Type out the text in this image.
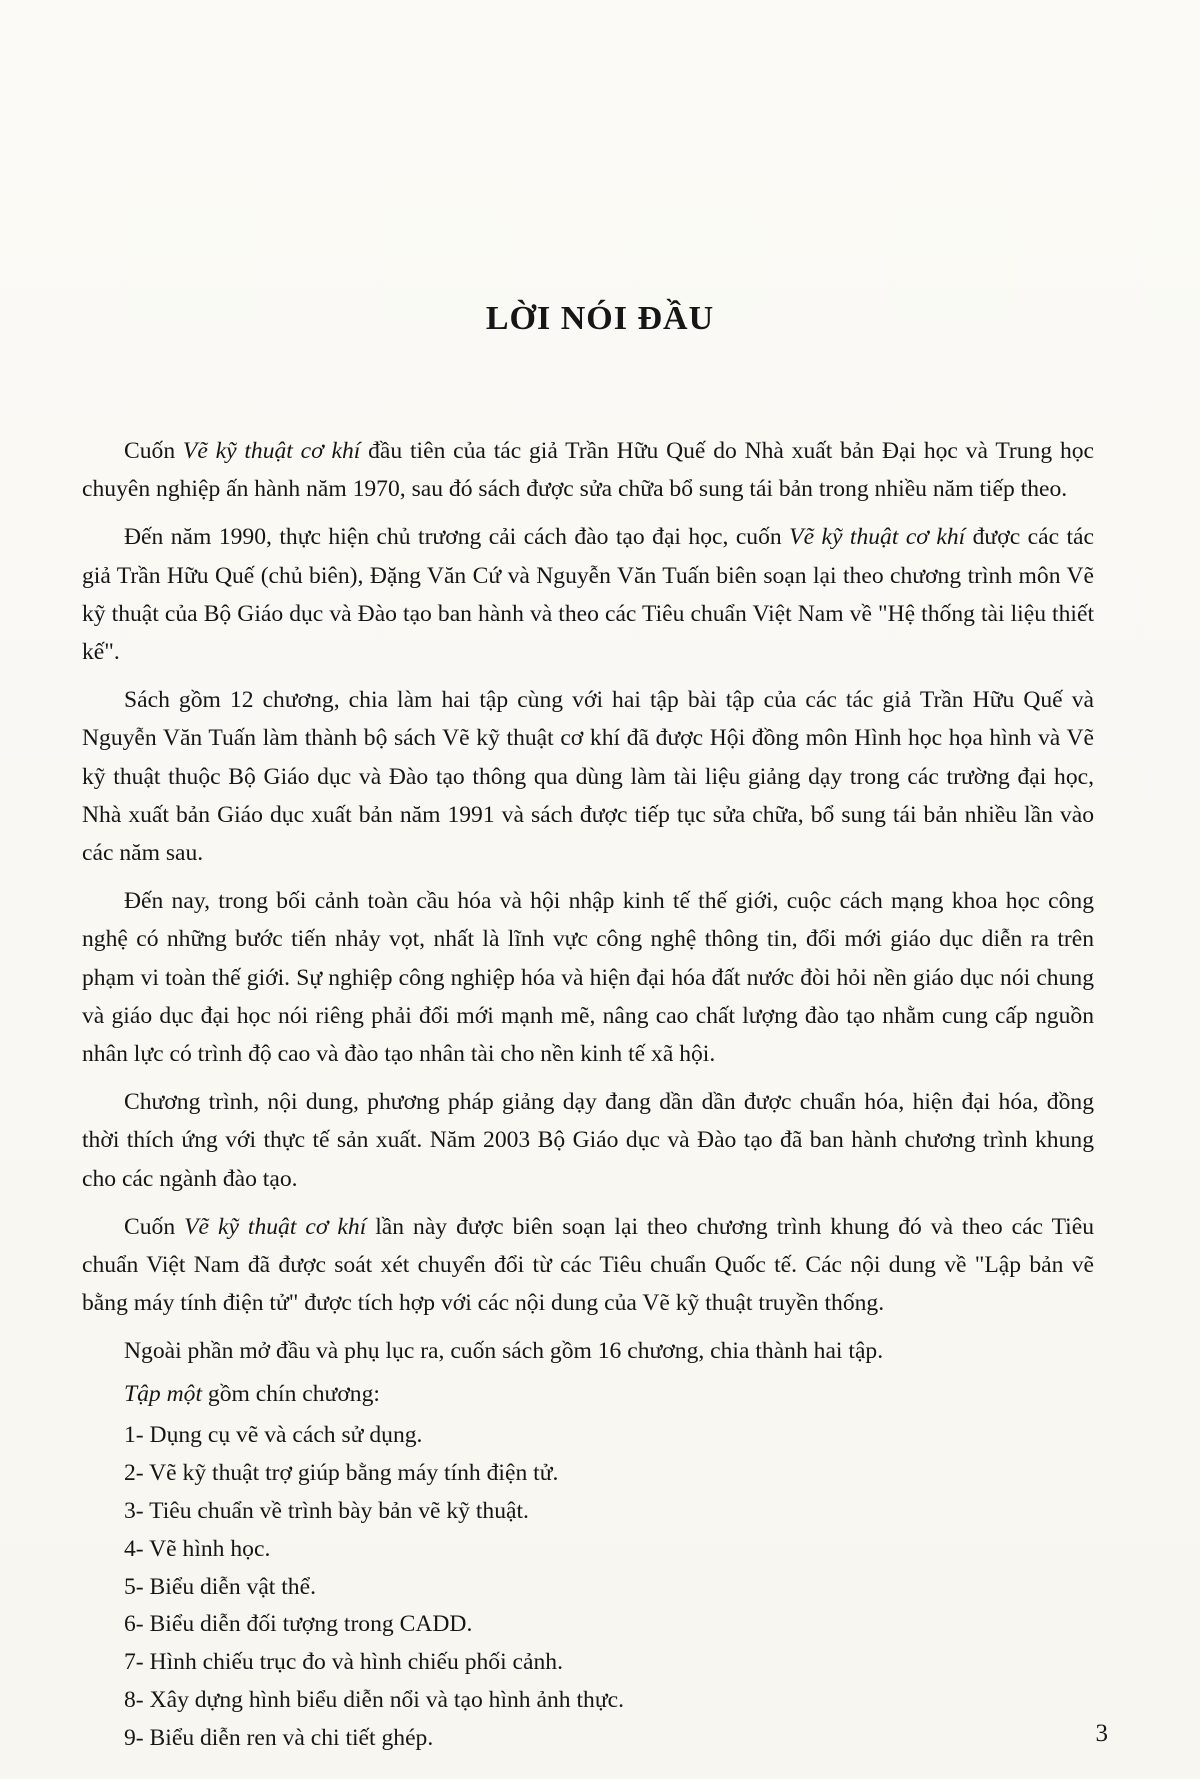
LỜI NÓI ĐẦU

Cuốn Vẽ kỹ thuật cơ khí đầu tiên của tác giả Trần Hữu Quế do Nhà xuất bản Đại học và Trung học chuyên nghiệp ấn hành năm 1970, sau đó sách được sửa chữa bổ sung tái bản trong nhiều năm tiếp theo.

Đến năm 1990, thực hiện chủ trương cải cách đào tạo đại học, cuốn Vẽ kỹ thuật cơ khí được các tác giả Trần Hữu Quế (chủ biên), Đặng Văn Cứ và Nguyễn Văn Tuấn biên soạn lại theo chương trình môn Vẽ kỹ thuật của Bộ Giáo dục và Đào tạo ban hành và theo các Tiêu chuẩn Việt Nam về "Hệ thống tài liệu thiết kế".

Sách gồm 12 chương, chia làm hai tập cùng với hai tập bài tập của các tác giả Trần Hữu Quế và Nguyễn Văn Tuấn làm thành bộ sách Vẽ kỹ thuật cơ khí đã được Hội đồng môn Hình học họa hình và Vẽ kỹ thuật thuộc Bộ Giáo dục và Đào tạo thông qua dùng làm tài liệu giảng dạy trong các trường đại học, Nhà xuất bản Giáo dục xuất bản năm 1991 và sách được tiếp tục sửa chữa, bổ sung tái bản nhiều lần vào các năm sau.

Đến nay, trong bối cảnh toàn cầu hóa và hội nhập kinh tế thế giới, cuộc cách mạng khoa học công nghệ có những bước tiến nhảy vọt, nhất là lĩnh vực công nghệ thông tin, đổi mới giáo dục diễn ra trên phạm vi toàn thế giới. Sự nghiệp công nghiệp hóa và hiện đại hóa đất nước đòi hỏi nền giáo dục nói chung và giáo dục đại học nói riêng phải đổi mới mạnh mẽ, nâng cao chất lượng đào tạo nhằm cung cấp nguồn nhân lực có trình độ cao và đào tạo nhân tài cho nền kinh tế xã hội.

Chương trình, nội dung, phương pháp giảng dạy đang dần dần được chuẩn hóa, hiện đại hóa, đồng thời thích ứng với thực tế sản xuất. Năm 2003 Bộ Giáo dục và Đào tạo đã ban hành chương trình khung cho các ngành đào tạo.

Cuốn Vẽ kỹ thuật cơ khí lần này được biên soạn lại theo chương trình khung đó và theo các Tiêu chuẩn Việt Nam đã được soát xét chuyển đổi từ các Tiêu chuẩn Quốc tế. Các nội dung về "Lập bản vẽ bằng máy tính điện tử" được tích hợp với các nội dung của Vẽ kỹ thuật truyền thống.

Ngoài phần mở đầu và phụ lục ra, cuốn sách gồm 16 chương, chia thành hai tập.

Tập một gồm chín chương:

1- Dụng cụ vẽ và cách sử dụng.
2- Vẽ kỹ thuật trợ giúp bằng máy tính điện tử.
3- Tiêu chuẩn về trình bày bản vẽ kỹ thuật.
4- Vẽ hình học.
5- Biểu diễn vật thể.
6- Biểu diễn đối tượng trong CADD.
7- Hình chiếu trục đo và hình chiếu phối cảnh.
8- Xây dựng hình biểu diễn nổi và tạo hình ảnh thực.
9- Biểu diễn ren và chi tiết ghép.	3
